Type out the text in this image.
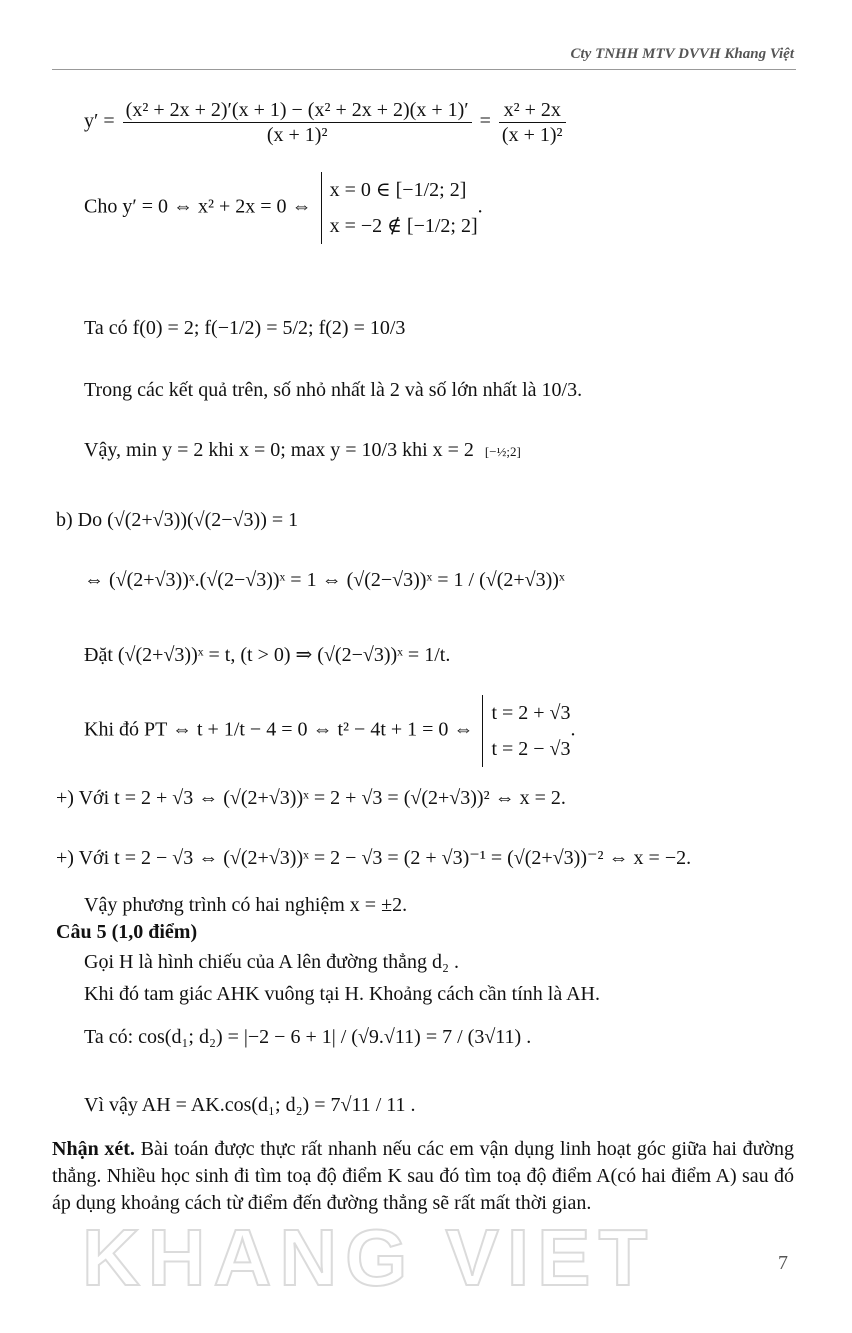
Cty TNHH MTV DVVH Khang Việt
$y' = \frac{\text{(x² + 2x + 2)′(x + 1) − (x² + 2x + 2)(x + 1)′}}{\text{(x + 1)²}} = \frac{\text{x² + 2x}}{\text{(x + 1)²}}$
Cho y′ = 0 ⇔ x² + 2x = 0 ⇔
x = 0 ∈ [−1/2; 2]
x = −2 ∉ [−1/2; 2]
.
Ta có f(0) = 2; f(−1/2) = 5/2; f(2) = 10/3
Trong các kết quả trên, số nhỏ nhất là 2 và số lớn nhất là 10/3.
Vậy, min y = 2 khi x = 0; max y = 10/3 khi x = 2 [−½;2]
b) Do (√(2+√3))(√(2−√3)) = 1
⇔ (√(2+√3))ˣ.(√(2−√3))ˣ = 1 ⇔ (√(2−√3))ˣ = 1 / (√(2+√3))ˣ
Đặt (√(2+√3))ˣ = t, (t > 0) ⇒ (√(2−√3))ˣ = 1/t.
Khi đó PT ⇔ t + 1/t − 4 = 0 ⇔ t² − 4t + 1 = 0 ⇔
t = 2 + √3
t = 2 − √3
.
+) Với t = 2 + √3 ⇔ (√(2+√3))ˣ = 2 + √3 = (√(2+√3))² ⇔ x = 2.
+) Với t = 2 − √3 ⇔ (√(2+√3))ˣ = 2 − √3 = (2 + √3)⁻¹ = (√(2+√3))⁻² ⇔ x = −2.
Vậy phương trình có hai nghiệm x = ±2.
Câu 5 (1,0 điểm)
Gọi H là hình chiếu của A lên đường thẳng d₂ .
Khi đó tam giác AHK vuông tại H. Khoảng cách cần tính là AH.
Ta có: cos(d₁; d₂) = |−2 − 6 + 1| / (√9.√11) = 7 / (3√11) .
Vì vậy AH = AK.cos(d₁; d₂) = 7√11 / 11 .
Nhận xét. Bài toán được thực rất nhanh nếu các em vận dụng linh hoạt góc giữa hai đường thẳng. Nhiều học sinh đi tìm toạ độ điểm K sau đó tìm toạ độ điểm A(có hai điểm A) sau đó áp dụng khoảng cách từ điểm đến đường thẳng sẽ rất mất thời gian.
KHANG VIET	7
